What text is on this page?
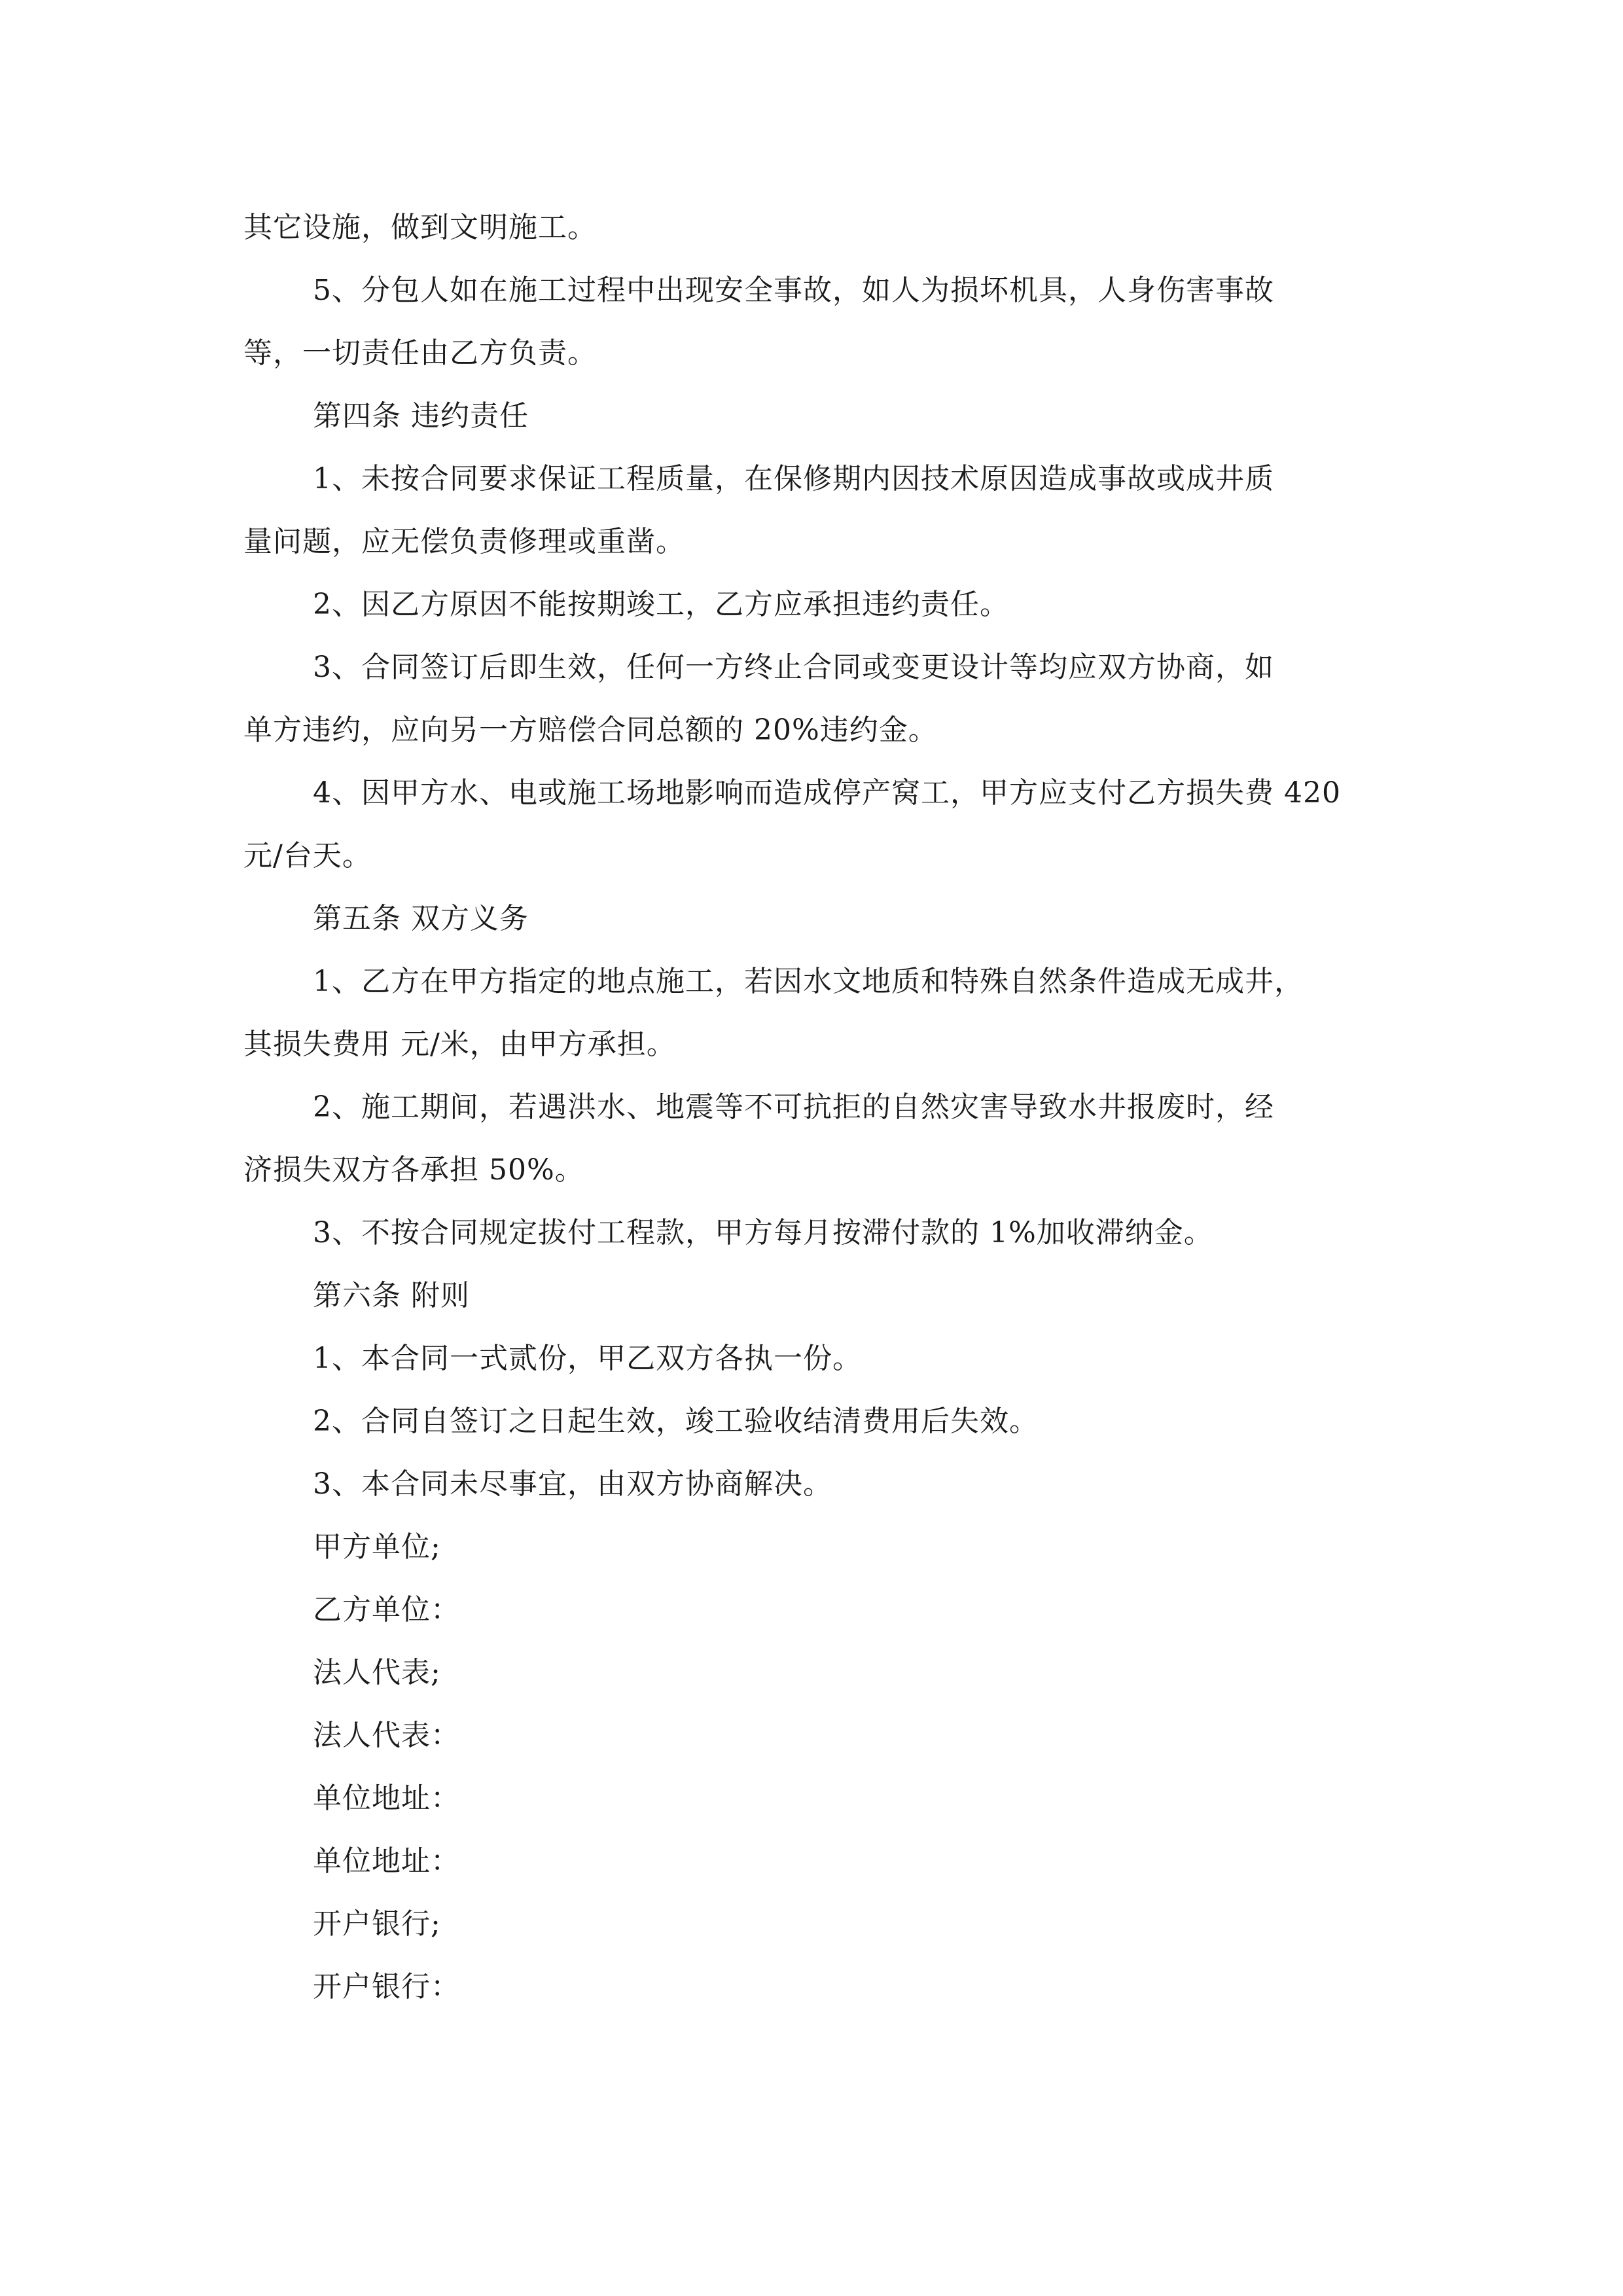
其它设施，做到文明施工。
5、分包人如在施工过程中出现安全事故，如人为损坏机具，人身伤害事故
等，一切责任由乙方负责。
第四条 违约责任
1、未按合同要求保证工程质量，在保修期内因技术原因造成事故或成井质
量问题，应无偿负责修理或重凿。
2、因乙方原因不能按期竣工，乙方应承担违约责任。
3、合同签订后即生效，任何一方终止合同或变更设计等均应双方协商，如
单方违约，应向另一方赔偿合同总额的 20%违约金。
4、因甲方水、电或施工场地影响而造成停产窝工，甲方应支付乙方损失费 420
元/台天。
第五条 双方义务
1、乙方在甲方指定的地点施工，若因水文地质和特殊自然条件造成无成井，
其损失费用 元/米，由甲方承担。
2、施工期间，若遇洪水、地震等不可抗拒的自然灾害导致水井报废时，经
济损失双方各承担 50%。
3、不按合同规定拔付工程款，甲方每月按滞付款的 1%加收滞纳金。
第六条 附则
1、本合同一式贰份，甲乙双方各执一份。
2、合同自签订之日起生效，竣工验收结清费用后失效。
3、本合同未尽事宜，由双方协商解决。
甲方单位;
乙方单位：
法人代表;
法人代表：
单位地址：
单位地址：
开户银行;
开户银行：
